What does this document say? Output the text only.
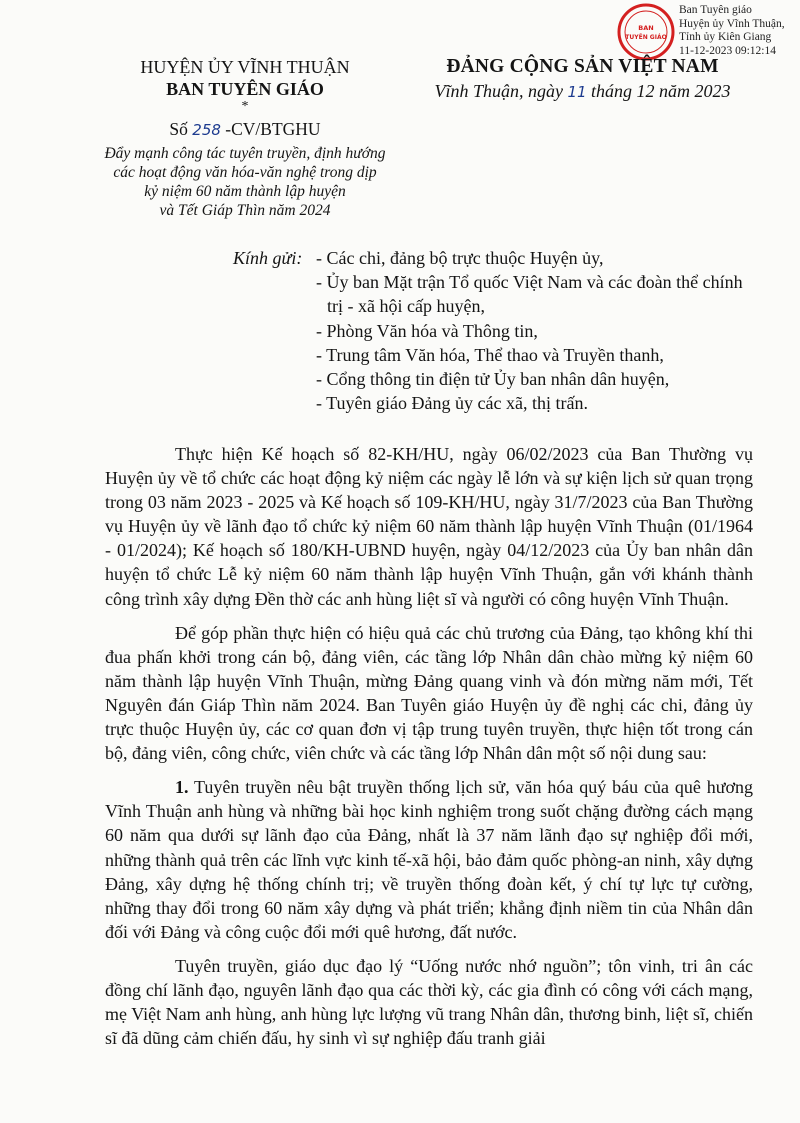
BAN
TUYÊN GIÁO
Ban Tuyên giáo
Huyện ủy Vĩnh Thuận,
Tỉnh ủy Kiên Giang
11-12-2023 09:12:14
HUYỆN ỦY VĨNH THUẬN
BAN TUYÊN GIÁO
*
Số 258 -CV/BTGHU
Đẩy mạnh công tác tuyên truyền, định hướng
các hoạt động văn hóa-văn nghệ trong dịp
kỷ niệm 60 năm thành lập huyện
và Tết Giáp Thìn năm 2024
ĐẢNG CỘNG SẢN VIỆT NAM
Vĩnh Thuận, ngày 11 tháng 12 năm 2023
Kính gửi: - Các chi, đảng bộ trực thuộc Huyện ủy,
- Ủy ban Mặt trận Tổ quốc Việt Nam và các đoàn thể chính trị - xã hội cấp huyện,
- Phòng Văn hóa và Thông tin,
- Trung tâm Văn hóa, Thể thao và Truyền thanh,
- Cổng thông tin điện tử Ủy ban nhân dân huyện,
- Tuyên giáo Đảng ủy các xã, thị trấn.

Thực hiện Kế hoạch số 82-KH/HU, ngày 06/02/2023 của Ban Thường vụ Huyện ủy về tổ chức các hoạt động kỷ niệm các ngày lễ lớn và sự kiện lịch sử quan trọng trong 03 năm 2023 - 2025 và Kế hoạch số 109-KH/HU, ngày 31/7/2023 của Ban Thường vụ Huyện ủy về lãnh đạo tổ chức kỷ niệm 60 năm thành lập huyện Vĩnh Thuận (01/1964 - 01/2024); Kế hoạch số 180/KH-UBND huyện, ngày 04/12/2023 của Ủy ban nhân dân huyện tổ chức Lễ kỷ niệm 60 năm thành lập huyện Vĩnh Thuận, gắn với khánh thành công trình xây dựng Đền thờ các anh hùng liệt sĩ và người có công huyện Vĩnh Thuận.

Để góp phần thực hiện có hiệu quả các chủ trương của Đảng, tạo không khí thi đua phấn khởi trong cán bộ, đảng viên, các tầng lớp Nhân dân chào mừng kỷ niệm 60 năm thành lập huyện Vĩnh Thuận, mừng Đảng quang vinh và đón mừng năm mới, Tết Nguyên đán Giáp Thìn năm 2024. Ban Tuyên giáo Huyện ủy đề nghị các chi, đảng ủy trực thuộc Huyện ủy, các cơ quan đơn vị tập trung tuyên truyền, thực hiện tốt trong cán bộ, đảng viên, công chức, viên chức và các tầng lớp Nhân dân một số nội dung sau:

1. Tuyên truyền nêu bật truyền thống lịch sử, văn hóa quý báu của quê hương Vĩnh Thuận anh hùng và những bài học kinh nghiệm trong suốt chặng đường cách mạng 60 năm qua dưới sự lãnh đạo của Đảng, nhất là 37 năm lãnh đạo sự nghiệp đổi mới, những thành quả trên các lĩnh vực kinh tế-xã hội, bảo đảm quốc phòng-an ninh, xây dựng Đảng, xây dựng hệ thống chính trị; về truyền thống đoàn kết, ý chí tự lực tự cường, những thay đổi trong 60 năm xây dựng và phát triển; khẳng định niềm tin của Nhân dân đối với Đảng và công cuộc đổi mới quê hương, đất nước.

Tuyên truyền, giáo dục đạo lý “Uống nước nhớ nguồn”; tôn vinh, tri ân các đồng chí lãnh đạo, nguyên lãnh đạo qua các thời kỳ, các gia đình có công với cách mạng, mẹ Việt Nam anh hùng, anh hùng lực lượng vũ trang Nhân dân, thương binh, liệt sĩ, chiến sĩ đã dũng cảm chiến đấu, hy sinh vì sự nghiệp đấu tranh giải
